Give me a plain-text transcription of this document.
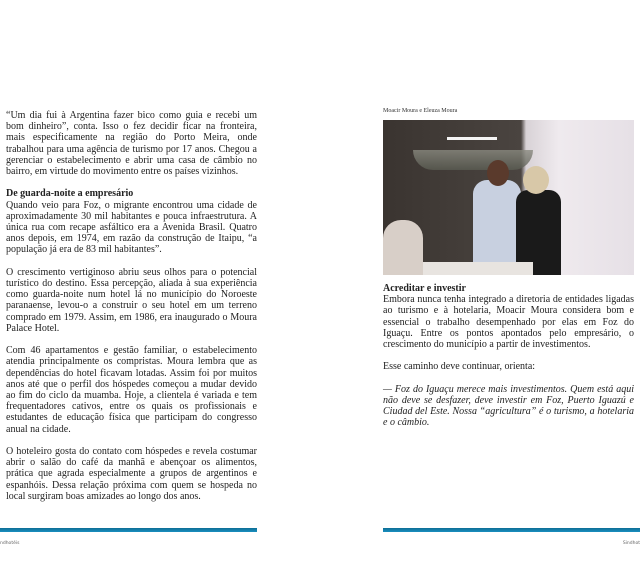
“Um dia fui à Argentina fazer bico como guia e recebi um bom dinheiro”, conta. Isso o fez decidir ficar na fronteira, mais especificamente na região do Porto Meira, onde trabalhou para uma agência de turismo por 17 anos. Chegou a gerenciar o estabelecimento e abrir uma casa de câmbio no bairro, em virtude do movimento entre os países vizinhos.

De guarda-noite a empresário

Quando veio para Foz, o migrante encontrou uma cidade de aproximadamente 30 mil habitantes e pouca infraestrutura. A única rua com recape asfáltico era a Avenida Brasil. Quatro anos depois, em 1974, em razão da construção de Itaipu, “a população já era de 83 mil habitantes”.

O crescimento vertiginoso abriu seus olhos para o potencial turístico do destino. Essa percepção, aliada à sua experiência como guarda-noite num hotel lá no município do Noroeste paranaense, levou-o a construir o seu hotel em um terreno comprado em 1979. Assim, em 1986, era inaugurado o Moura Palace Hotel.

Com 46 apartamentos e gestão familiar, o estabelecimento atendia principalmente os compristas. Moura lembra que as dependências do hotel ficavam lotadas. Assim foi por muitos anos até que o perfil dos hóspedes começou a mudar devido ao fim do ciclo da muamba. Hoje, a clientela é variada e tem frequentadores cativos, entre os quais os profissionais e estudantes de educação física que participam do congresso anual na cidade.

O hoteleiro gosta do contato com hóspedes e revela costumar abrir o salão do café da manhã e abençoar os alimentos, prática que agrada especialmente a grupos de argentinos e espanhóis. Dessa relação próxima com quem se hospeda no local surgiram boas amizades ao longo dos anos.

Moacir Moura e Eleuza Moura
Acreditar e investir

Embora nunca tenha integrado a diretoria de entidades ligadas ao turismo e à hotelaria, Moacir Moura considera bom e essencial o trabalho desempenhado por elas em Foz do Iguaçu. Entre os pontos apontados pelo empresário, o crescimento do município a partir de investimentos.

Esse caminho deve continuar, orienta:

— Foz do Iguaçu merece mais investimentos. Quem está aqui não deve se desfazer, deve investir em Foz, Puerto Iguazú e Ciudad del Este. Nossa “agricultura” é o turismo, a hotelaria e o câmbio.

ndhotéis	Sindhot
